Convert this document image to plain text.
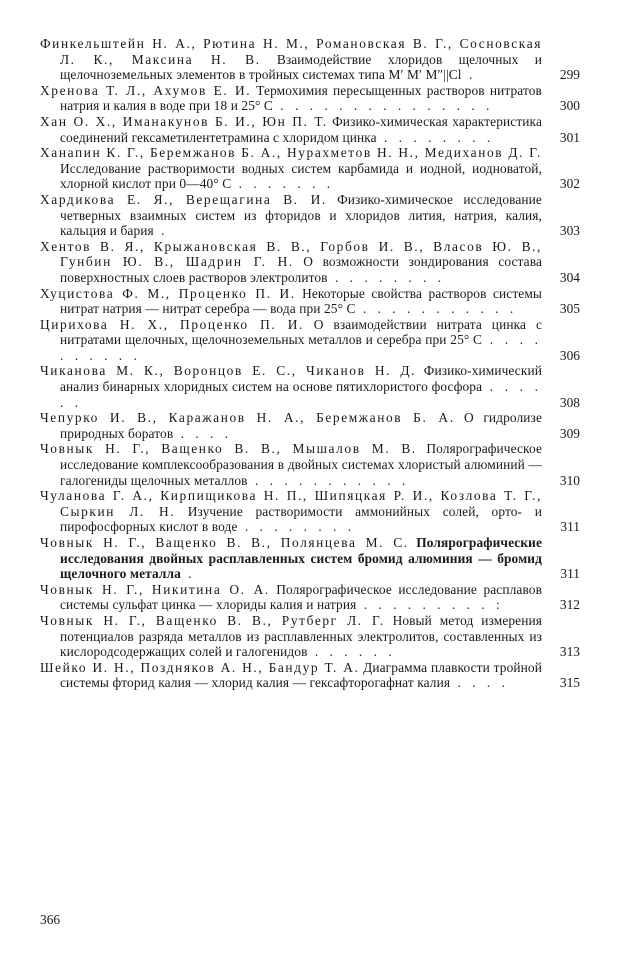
Финкельштейн Н. А., Рютина Н. М., Романовская В. Г., Сосновская Л. К., Максина Н. В. Взаимодействие хлоридов щелочных и щелочноземельных элементов в тройных системах типа M′ M′ M″||Cl .	299

Хренова Т. Л., Ахумов Е. И. Термохимия пересыщенных растворов нитратов натрия и калия в воде при 18 и 25° C . . . . . . . . . . . . . . .	300

Хан О. Х., Иманакунов Б. И., Юн П. Т. Физико-химическая характеристика соединений гексаметилентетрамина с хлоридом цинка . . . . . . . .	301

Ханапин К. Г., Беремжанов Б. А., Нурахметов Н. Н., Медиханов Д. Г. Исследование растворимости водных систем карбамида и иодной, иодноватой, хлорной кислот при 0—40° C . . . . . . .	302

Хардикова Е. Я., Верещагина В. И. Физико-химическое исследование четверных взаимных систем из фторидов и хлоридов лития, натрия, калия, кальция и бария .	303

Хентов В. Я., Крыжановская В. В., Горбов И. В., Власов Ю. В., Гунбин Ю. В., Шадрин Г. Н. О возможности зондирования состава поверхностных слоев растворов электролитов . . . . . . . .	304

Хуцистова Ф. М., Проценко П. И. Некоторые свойства растворов системы нитрат натрия — нитрат серебра — вода при 25° C . . . . . . . . . . .	305

Цирихова Н. Х., Проценко П. И. О взаимодействии нитрата цинка с нитратами щелочных, щелочноземельных металлов и серебра при 25° C . . . . . . . . . .	306

Чиканова М. К., Воронцов Е. С., Чиканов Н. Д. Физико-химический анализ бинарных хлоридных систем на основе пятихлористого фосфора . . . . . .	308

Чепурко И. В., Каражанов Н. А., Беремжанов Б. А. О гидролизе природных боратов . . . .	309

Човнык Н. Г., Ващенко В. В., Мышалов М. В. Полярографическое исследование комплексообразования в двойных системах хлористый алюминий — галогениды щелочных металлов . . . . . . . . . . .	310

Чуланова Г. А., Кирпищикова Н. П., Шипяцкая Р. И., Козлова Т. Г., Сыркин Л. Н. Изучение растворимости аммонийных солей, орто- и пирофосфорных кислот в воде . . . . . . . .	311

Човнык Н. Г., Ващенко В. В., Полянцева М. С. Полярографические исследования двойных расплавленных систем бромид алюминия — бромид щелочного металла .	311

Човнык Н. Г., Никитина О. А. Полярографическое исследование расплавов системы сульфат цинка — хлориды калия и натрия . . . . . . . . . :	312

Човнык Н. Г., Ващенко В. В., Рутберг Л. Г. Новый метод измерения потенциалов разряда металлов из расплавленных электролитов, составленных из кислородсодержащих солей и галогенидов . . . . . .	313

Шейко И. Н., Поздняков А. Н., Бандур Т. А. Диаграмма плавкости тройной системы фторид калия — хлорид калия — гексафторогафнат калия . . . .	315

366
